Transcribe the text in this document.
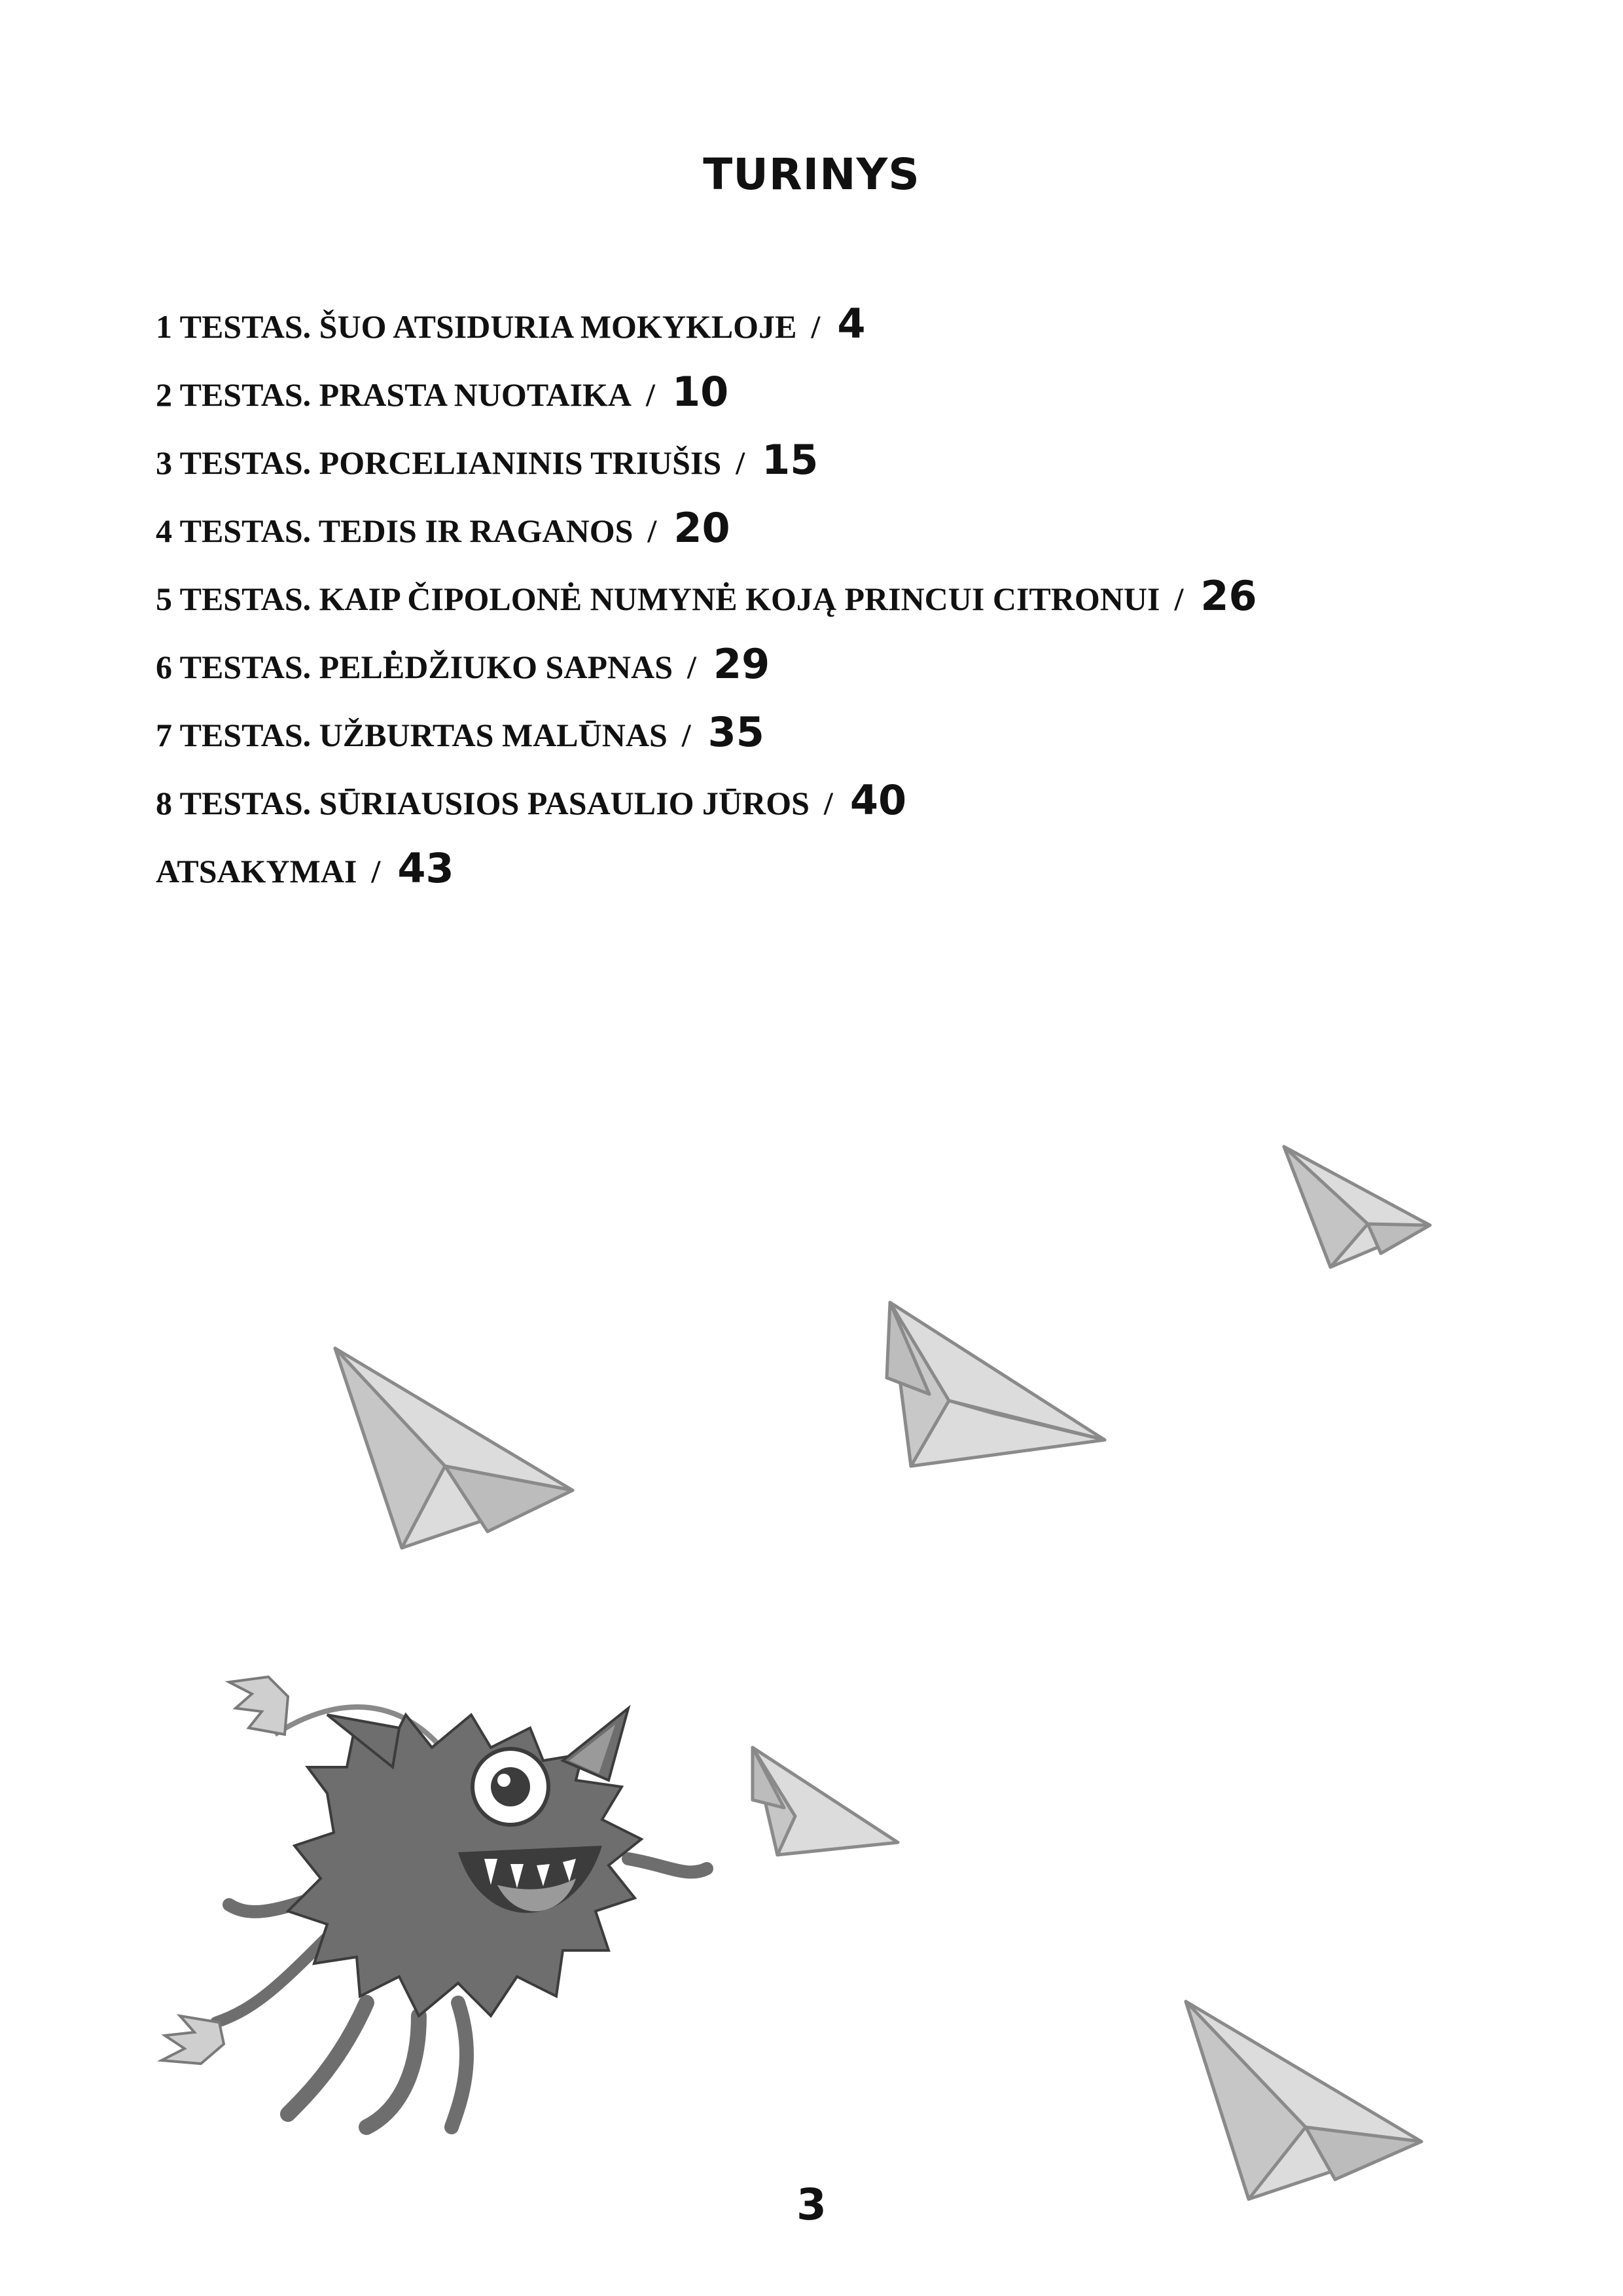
TURINYS
1 TESTAS. ŠUO ATSIDURIA MOKYKLOJE / 4
2 TESTAS. PRASTA NUOTAIKA / 10
3 TESTAS. PORCELIANINIS TRIUŠIS / 15
4 TESTAS. TEDIS IR RAGANOS / 20
5 TESTAS. KAIP ČIPOLONĖ NUMYNĖ KOJĄ PRINCUI CITRONUI / 26
6 TESTAS. PELĖDŽIUKO SAPNAS / 29
7 TESTAS. UŽBURTAS MALŪNAS / 35
8 TESTAS. SŪRIAUSIOS PASAULIO JŪROS / 40
ATSAKYMAI / 43
3
